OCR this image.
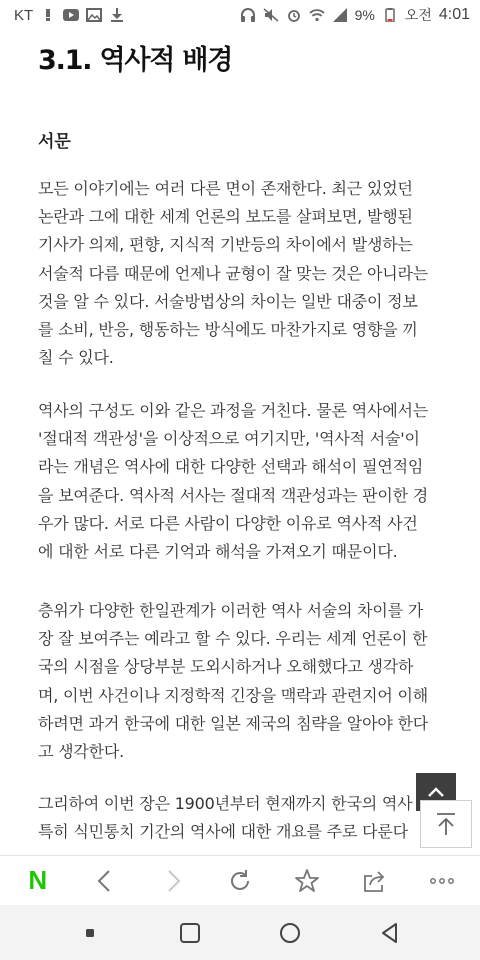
KT	9% 오전 4:01
3.1. 역사적 배경
서문
모든 이야기에는 여러 다른 면이 존재한다. 최근 있었던
논란과 그에 대한 세계 언론의 보도를 살펴보면, 발행된
기사가 의제, 편향, 지식적 기반등의 차이에서 발생하는
서술적 다름 때문에 언제나 균형이 잘 맞는 것은 아니라는
것을 알 수 있다. 서술방법상의 차이는 일반 대중이 정보
를 소비, 반응, 행동하는 방식에도 마찬가지로 영향을 끼
칠 수 있다.
역사의 구성도 이와 같은 과정을 거친다. 물론 역사에서는
'절대적 객관성'을 이상적으로 여기지만, '역사적 서술'이
라는 개념은 역사에 대한 다양한 선택과 해석이 필연적임
을 보여준다. 역사적 서사는 절대적 객관성과는 판이한 경
우가 많다. 서로 다른 사람이 다양한 이유로 역사적 사건
에 대한 서로 다른 기억과 해석을 가져오기 때문이다.
층위가 다양한 한일관계가 이러한 역사 서술의 차이를 가
장 잘 보여주는 예라고 할 수 있다. 우리는 세계 언론이 한
국의 시점을 상당부분 도외시하거나 오해했다고 생각하
며, 이번 사건이나 지정학적 긴장을 맥락과 관련지어 이해
하려면 과거 한국에 대한 일본 제국의 침략을 알아야 한다
고 생각한다.
그리하여 이번 장은 1900년부터 현재까지 한국의 역사
특히 식민통치 기간의 역사에 대한 개요를 주로 다룬다
N
